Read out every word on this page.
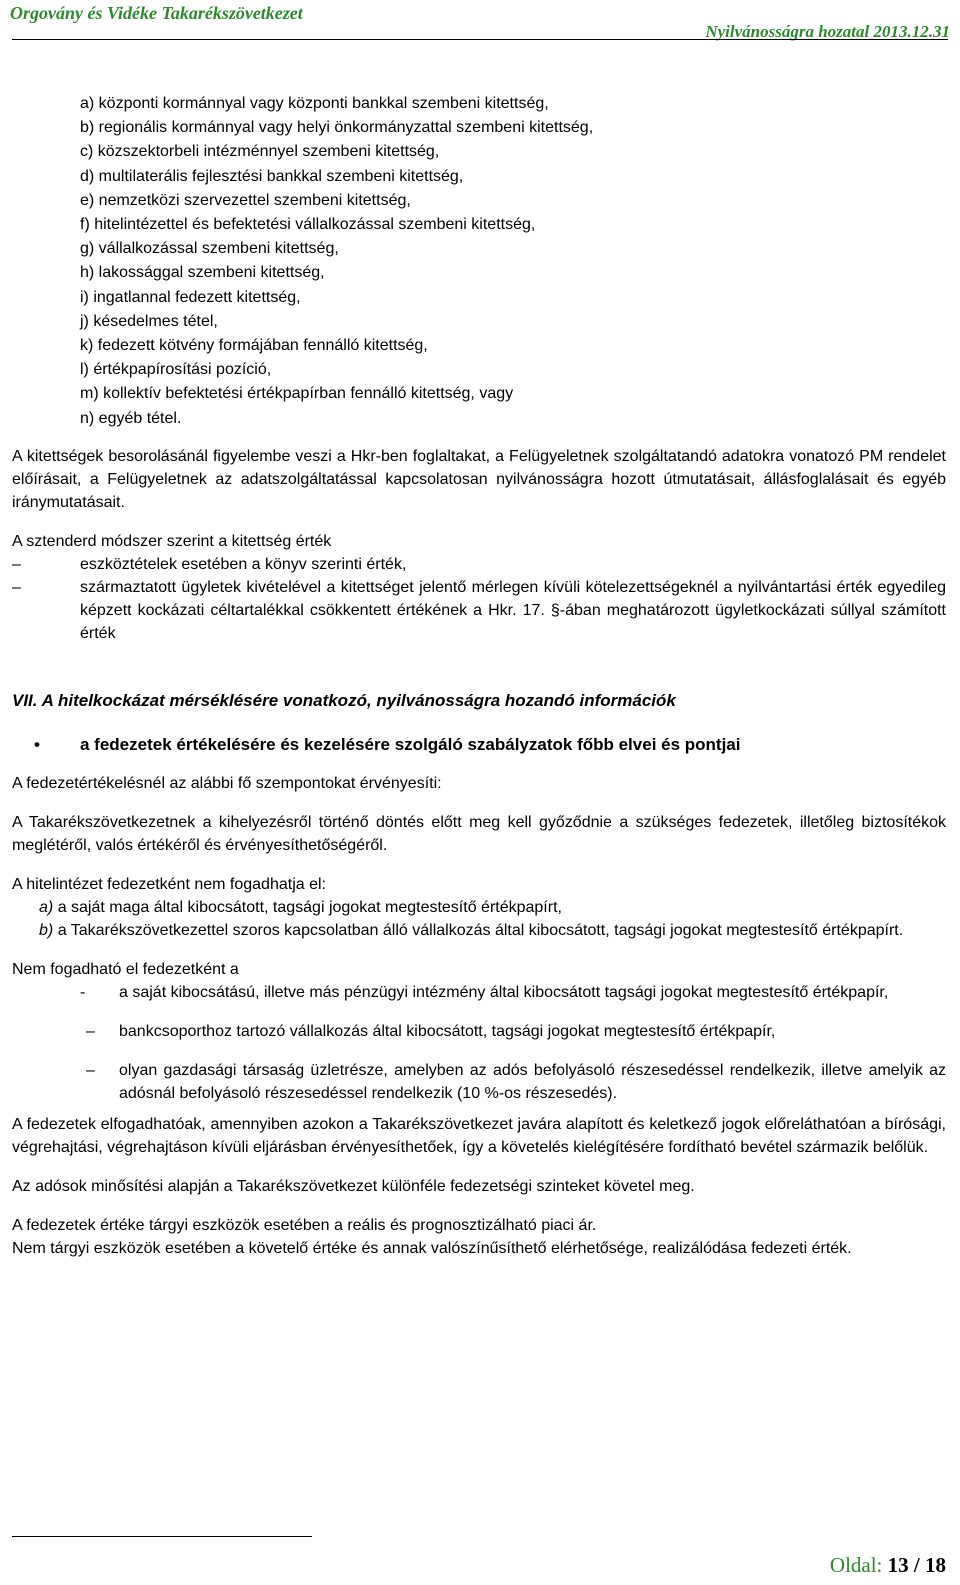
Orgovány és Vidéke Takarékszövetkezet
Nyilvánosságra hozatal 2013.12.31
a) központi kormánnyal vagy központi bankkal szembeni kitettség,
b) regionális kormánnyal vagy helyi önkormányzattal szembeni kitettség,
c) közszektorbeli intézménnyel szembeni kitettség,
d) multilaterális fejlesztési bankkal szembeni kitettség,
e) nemzetközi szervezettel szembeni kitettség,
f) hitelintézettel és befektetési vállalkozással szembeni kitettség,
g) vállalkozással szembeni kitettség,
h) lakossággal szembeni kitettség,
i) ingatlannal fedezett kitettség,
j) késedelmes tétel,
k) fedezett kötvény formájában fennálló kitettség,
l) értékpapírosítási pozíció,
m) kollektív befektetési értékpapírban fennálló kitettség, vagy
n) egyéb tétel.

A kitettségek besorolásánál figyelembe veszi a Hkr-ben foglaltakat, a Felügyeletnek szolgáltatandó adatokra vonatozó PM rendelet előírásait, a Felügyeletnek az adatszolgáltatással kapcsolatosan nyilvánosságra hozott útmutatásait, állásfoglalásait és egyéb iránymutatásait.

A sztenderd módszer szerint a kitettség érték

–	eszköztételek esetében a könyv szerinti érték,
–	származtatott ügyletek kivételével a kitettséget jelentő mérlegen kívüli kötelezettségeknél a nyilvántartási érték egyedileg képzett kockázati céltartalékkal csökkentett értékének a Hkr. 17. §-ában meghatározott ügyletkockázati súllyal számított érték
VII. A hitelkockázat mérséklésére vonatkozó, nyilvánosságra hozandó információk
• a fedezetek értékelésére és kezelésére szolgáló szabályzatok főbb elvei és pontjai

A fedezetértékelésnél az alábbi fő szempontokat érvényesíti:

A Takarékszövetkezetnek a kihelyezésről történő döntés előtt meg kell győződnie a szükséges fedezetek, illetőleg biztosítékok meglétéről, valós értékéről és érvényesíthetőségéről.

A hitelintézet fedezetként nem fogadhatja el:

a) a saját maga által kibocsátott, tagsági jogokat megtestesítő értékpapírt,

b) a Takarékszövetkezettel szoros kapcsolatban álló vállalkozás által kibocsátott, tagsági jogokat megtestesítő értékpapírt.

Nem fogadható el fedezetként a

- a saját kibocsátású, illetve más pénzügyi intézmény által kibocsátott tagsági jogokat megtestesítő értékpapír,
– bankcsoporthoz tartozó vállalkozás által kibocsátott, tagsági jogokat megtestesítő értékpapír,
– olyan gazdasági társaság üzletrésze, amelyben az adós befolyásoló részesedéssel rendelkezik, illetve amelyik az adósnál befolyásoló részesedéssel rendelkezik (10 %-os részesedés).

A fedezetek elfogadhatóak, amennyiben azokon a Takarékszövetkezet javára alapított és keletkező jogok előreláthatóan a bírósági, végrehajtási, végrehajtáson kívüli eljárásban érvényesíthetőek, így a követelés kielégítésére fordítható bevétel származik belőlük.

Az adósok minősítési alapján a Takarékszövetkezet különféle fedezetségi szinteket követel meg.

A fedezetek értéke tárgyi eszközök esetében a reális és prognosztizálható piaci ár.

Nem tárgyi eszközök esetében a követelő értéke és annak valószínűsíthető elérhetősége, realizálódása fedezeti érték.

Oldal: 13 / 18
